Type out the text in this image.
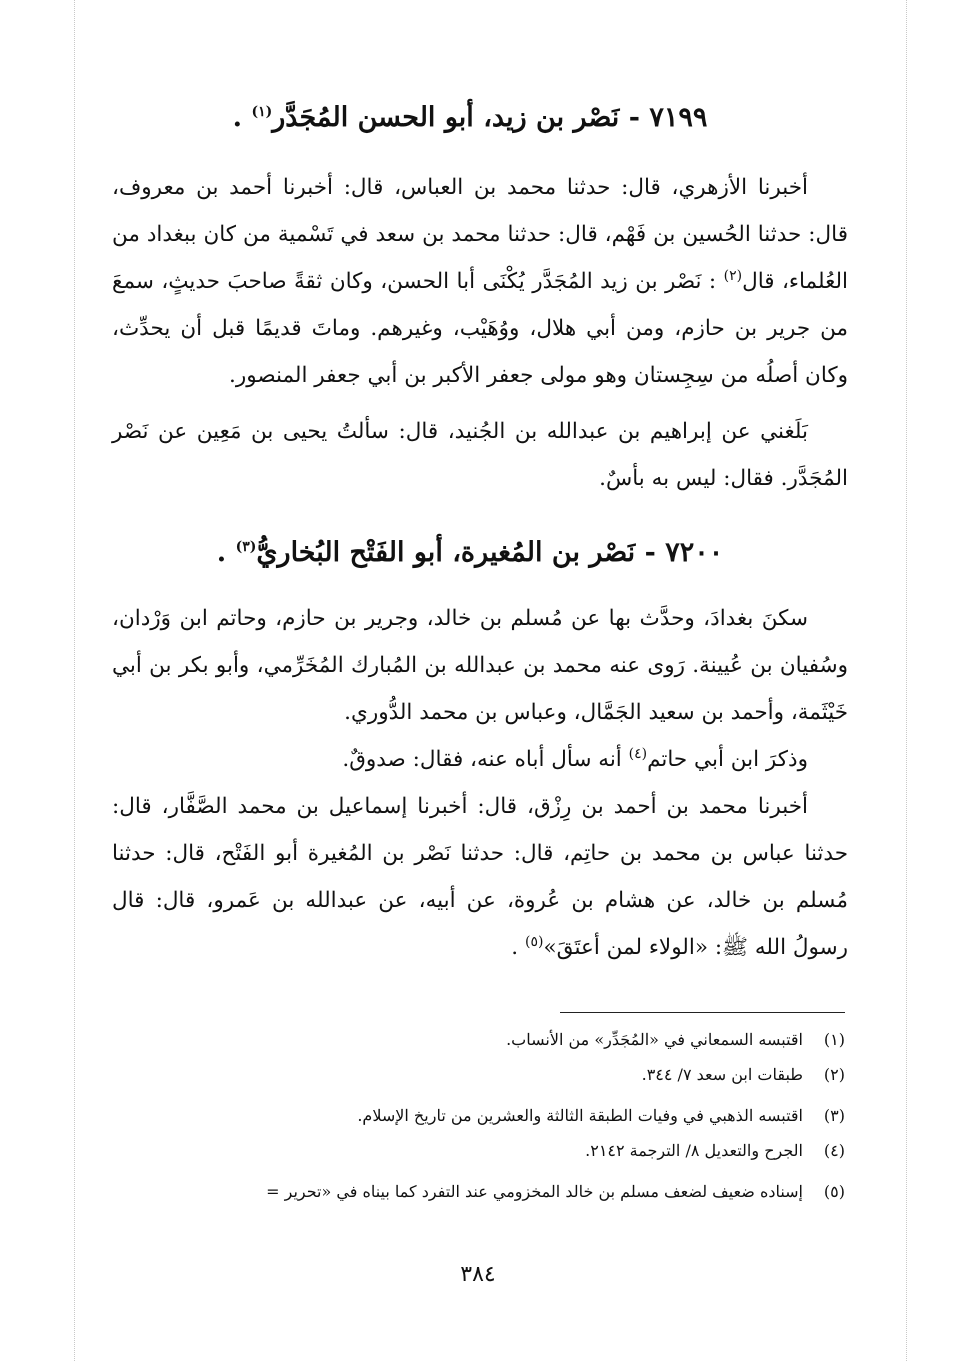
٧١٩٩ - نَصْر بن زيد، أبو الحسن المُجَدَّر$^{(١)}$ .

أخبرنا الأزهري، قال: حدثنا محمد بن العباس، قال: أخبرنا أحمد بن معروف، قال: حدثنا الحُسين بن فَهْم، قال: حدثنا محمد بن سعد في تَسْمية من كان ببغداد من العُلماء، قال$^{(٢)}$ : نَصْر بن زيد المُجَدَّر يُكْنَى أبا الحسن، وكان ثقةً صاحبَ حديثٍ، سمعَ من جرير بن حازم، ومن أبي هلال، ووُهَيْب، وغيرهم. وماتَ قديمًا قبل أن يحدِّث، وكان أصلُه من سِجِستان وهو مولى جعفر الأكبر بن أبي جعفر المنصور.

بَلَغني عن إبراهيم بن عبدالله بن الجُنيد، قال: سألتُ يحيى بن مَعِين عن نَصْر المُجَدَّر. فقال: ليس به بأسٌ.

٧٢٠٠ - نَصْر بن المُغيرة، أبو الفَتْح البُخاريُّ$^{(٣)}$ .

سكنَ بغدادَ، وحدَّث بها عن مُسلم بن خالد، وجرير بن حازم، وحاتم ابن وَرْدان، وسُفيان بن عُيينة. رَوى عنه محمد بن عبدالله بن المُبارك المُخَرِّمي، وأبو بكر بن أبي خَيْثَمة، وأحمد بن سعيد الجَمَّال، وعباس بن محمد الدُّوري.

وذكرَ ابن أبي حاتم$^{(٤)}$ أنه سأل أباه عنه، فقال: صدوقٌ.

أخبرنا محمد بن أحمد بن رِزْق، قال: أخبرنا إسماعيل بن محمد الصَّفَّار، قال: حدثنا عباس بن محمد بن حاتِم، قال: حدثنا نَصْر بن المُغيرة أبو الفَتْح، قال: حدثنا مُسلم بن خالد، عن هشام بن عُروة، عن أبيه، عن عبدالله بن عَمرو، قال: قال رسولُ الله ﷺ: «الولاء لمن أعتَقَ»$^{(٥)}$ .

(١)
اقتبسه السمعاني في «المُجَدِّر» من الأنساب.
(٢)
طبقات ابن سعد ٧/ ٣٤٤.
(٣)
اقتبسه الذهبي في وفيات الطبقة الثالثة والعشرين من تاريخ الإسلام.
(٤)
الجرح والتعديل ٨/ الترجمة ٢١٤٢.
(٥)
إسناده ضعيف لضعف مسلم بن خالد المخزومي عند التفرد كما بيناه في «تحرير =
٣٨٤
